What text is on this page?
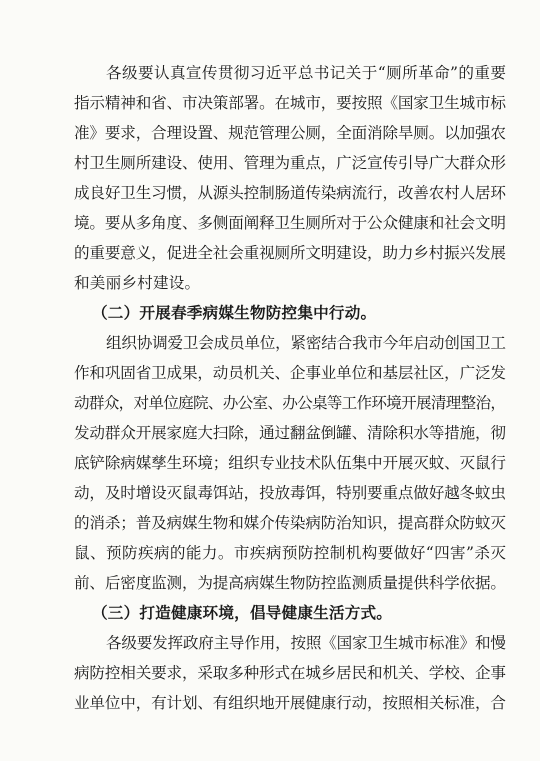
各级要认真宣传贯彻习近平总书记关于“厕所革命”的重要
指示精神和省、市决策部署。在城市，要按照《国家卫生城市标
准》要求，合理设置、规范管理公厕，全面消除旱厕。以加强农
村卫生厕所建设、使用、管理为重点，广泛宣传引导广大群众形
成良好卫生习惯，从源头控制肠道传染病流行，改善农村人居环
境。要从多角度、多侧面阐释卫生厕所对于公众健康和社会文明
的重要意义，促进全社会重视厕所文明建设，助力乡村振兴发展
和美丽乡村建设。
（二）开展春季病媒生物防控集中行动。
组织协调爱卫会成员单位，紧密结合我市今年启动创国卫工
作和巩固省卫成果，动员机关、企事业单位和基层社区，广泛发
动群众，对单位庭院、办公室、办公桌等工作环境开展清理整治，
发动群众开展家庭大扫除，通过翻盆倒罐、清除积水等措施，彻
底铲除病媒孳生环境；组织专业技术队伍集中开展灭蚊、灭鼠行
动，及时增设灭鼠毒饵站，投放毒饵，特别要重点做好越冬蚊虫
的消杀；普及病媒生物和媒介传染病防治知识，提高群众防蚊灭
鼠、预防疾病的能力。市疾病预防控制机构要做好“四害”杀灭
前、后密度监测，为提高病媒生物防控监测质量提供科学依据。
（三）打造健康环境，倡导健康生活方式。
各级要发挥政府主导作用，按照《国家卫生城市标准》和慢
病防控相关要求，采取多种形式在城乡居民和机关、学校、企事
业单位中，有计划、有组织地开展健康行动，按照相关标准，合
